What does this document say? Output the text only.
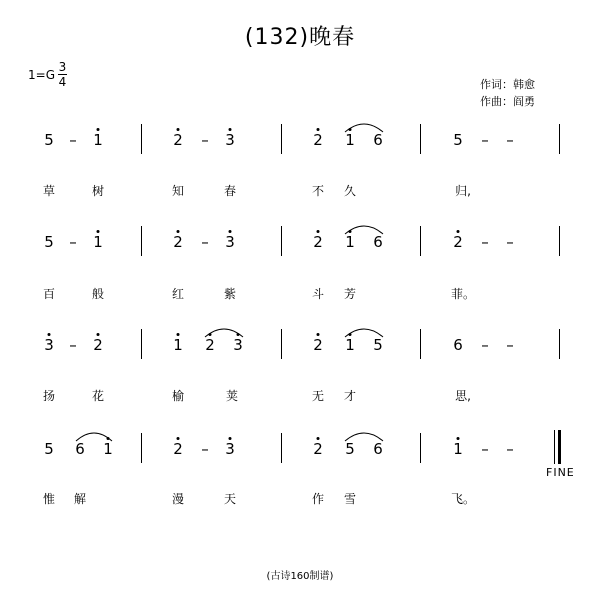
(132)晚春
1=G
3
4	作词：韩愈
作曲：阎勇
5 – 1	2 – 3	2 1 6	5 – –
草	树	知	春	不 久	归,
5 – 1	2 – 3	2 1 6	2 – –
百	般	红	紫	斗 芳	菲。
3 – 2	1 2 3	2 1 5	6 – –
扬	花	榆	荚	无 才	思,
5 6 1	2 – 3	2 5 6	1 – –
FINE
惟 解	漫	天	作 雪	飞。
(古诗160制谱)
